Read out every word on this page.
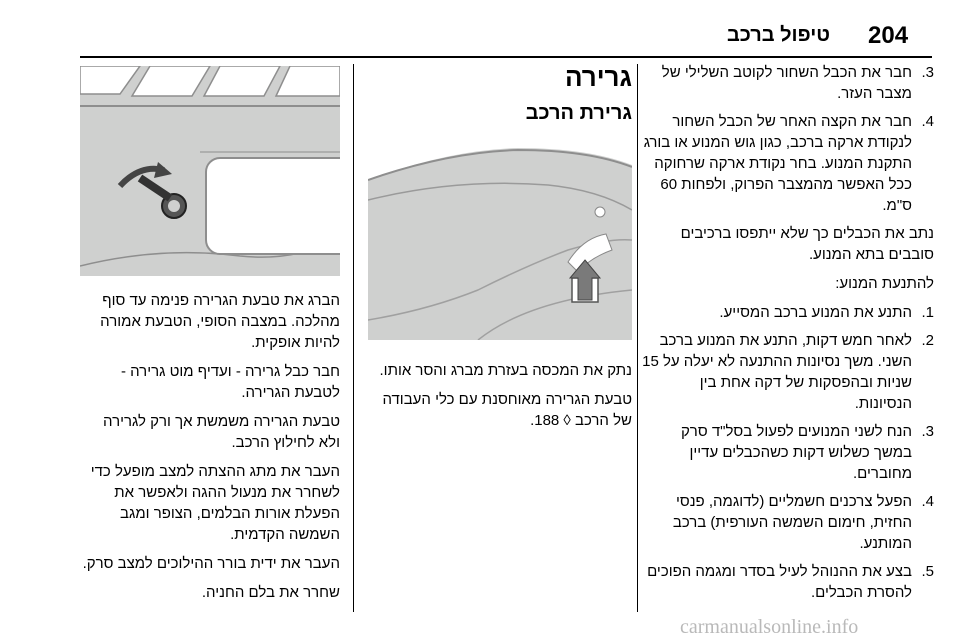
204
טיפול ברכב
3.
חבר את הכבל השחור לקוטב השלילי של מצבר העזר.
4.
חבר את הקצה האחר של הכבל השחור לנקודת ארקה ברכב, כגון גוש המנוע או בורג התקנת המנוע. בחר נקודת ארקה שרחוקה ככל האפשר מהמצבר הפרוק, ולפחות 60 ס"מ.

נתב את הכבלים כך שלא ייתפסו ברכיבים סובבים בתא המנוע.

להתנעת המנוע:

1.
התנע את המנוע ברכב המסייע.
2.
לאחר חמש דקות, התנע את המנוע ברכב השני. משך נסיונות ההתנעה לא יעלה על 15 שניות ובהפסקות של דקה אחת בין הנסיונות.
3.
הנח לשני המנועים לפעול בסל"ד סרק במשך כשלוש דקות כשהכבלים עדיין מחוברים.
4.
הפעל צרכנים חשמליים (לדוגמה, פנסי החזית, חימום השמשה העורפית) ברכב המותנע.
5.
בצע את ההנוהל לעיל בסדר ומגמה הפוכים להסרת הכבלים.
גרירה
גרירת הרכב

נתק את המכסה בעזרת מברג והסר אותו.

טבעת הגרירה מאוחסנת עם כלי העבודה של הרכב ◊ 188.

הברג את טבעת הגרירה פנימה עד סוף מהלכה. במצבה הסופי, הטבעת אמורה להיות אופקית.

חבר כבל גרירה - ועדיף מוט גרירה - לטבעת הגרירה.

טבעת הגרירה משמשת אך ורק לגרירה ולא לחילוץ הרכב.

העבר את מתג ההצתה למצב מופעל כדי לשחרר את מנעול ההגה ולאפשר את הפעלת אורות הבלמים, הצופר ומגב השמשה הקדמית.

העבר את ידית בורר ההילוכים למצב סרק.

שחרר את בלם החניה.

carmanualsonline.info
